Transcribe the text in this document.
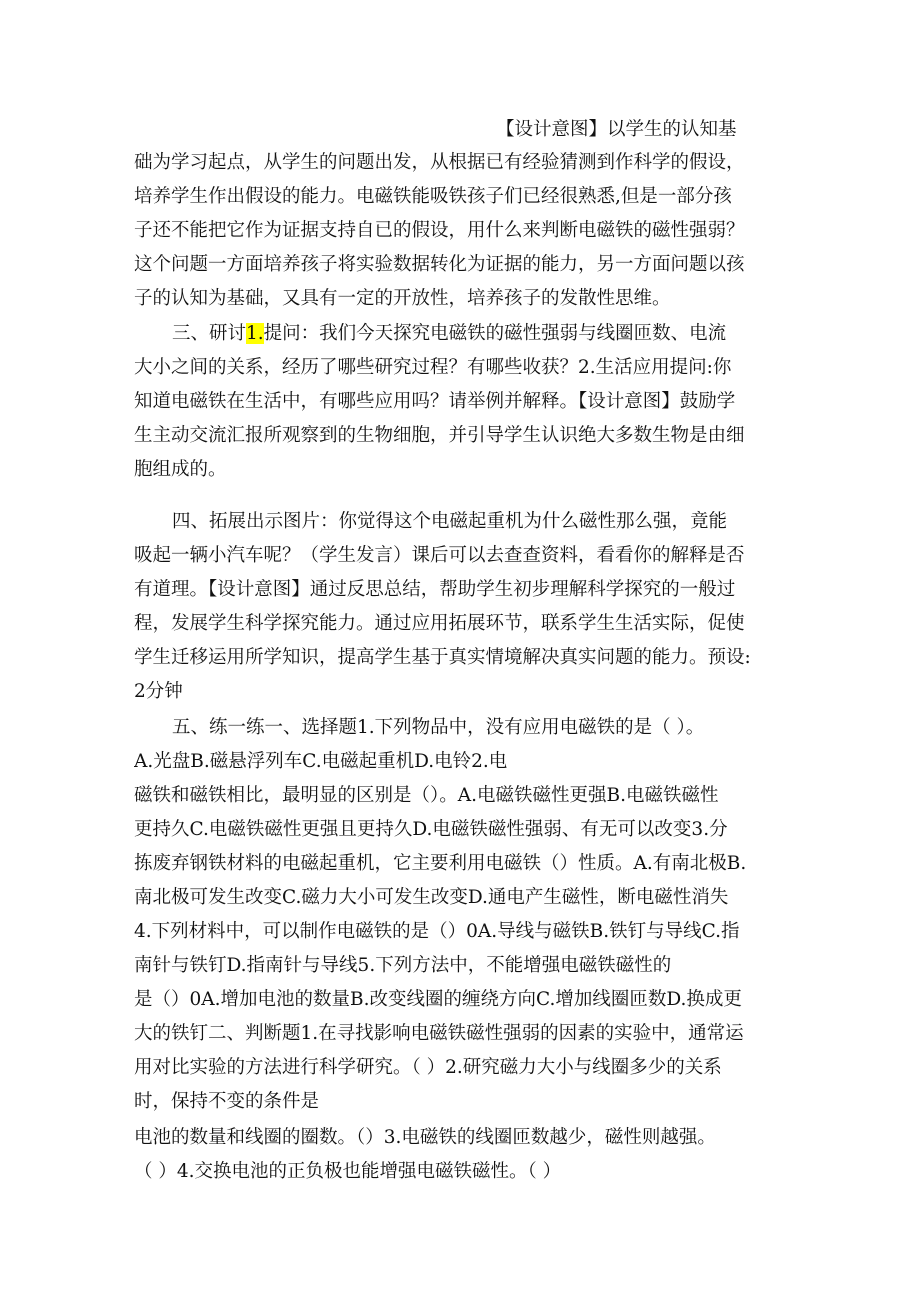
【设计意图】以学生的认知基
础为学习起点，从学生的问题出发，从根据已有经验猜测到作科学的假设，
培养学生作出假设的能力。电磁铁能吸铁孩子们已经很熟悉,但是一部分孩
子还不能把它作为证据支持自已的假设，用什么来判断电磁铁的磁性强弱？
这个问题一方面培养孩子将实验数据转化为证据的能力，另一方面问题以孩
子的认知为基础，又具有一定的开放性，培养孩子的发散性思维。
三、研讨1.提问：我们今天探究电磁铁的磁性强弱与线圈匝数、电流
大小之间的关系，经历了哪些研究过程？有哪些收获？2.生活应用提问:你
知道电磁铁在生活中，有哪些应用吗？请举例并解释。【设计意图】鼓励学
生主动交流汇报所观察到的生物细胞，并引导学生认识绝大多数生物是由细
胞组成的。
四、拓展出示图片：你觉得这个电磁起重机为什么磁性那么强，竟能
吸起一辆小汽车呢？（学生发言）课后可以去查查资料，看看你的解释是否
有道理。【设计意图】通过反思总结，帮助学生初步理解科学探究的一般过
程，发展学生科学探究能力。通过应用拓展环节，联系学生生活实际，促使
学生迁移运用所学知识，提高学生基于真实情境解决真实问题的能力。预设:
2分钟
五、练一练一、选择题1.下列物品中，没有应用电磁铁的是（ ）。
A.光盘B.磁悬浮列车C.电磁起重机D.电铃2.电
磁铁和磁铁相比，最明显的区别是（）。A.电磁铁磁性更强B.电磁铁磁性
更持久C.电磁铁磁性更强且更持久D.电磁铁磁性强弱、有无可以改变3.分
拣废弃钢铁材料的电磁起重机，它主要利用电磁铁（）性质。A.有南北极B.
南北极可发生改变C.磁力大小可发生改变D.通电产生磁性，断电磁性消失
4.下列材料中，可以制作电磁铁的是（）0A.导线与磁铁B.铁钉与导线C.指
南针与铁钉D.指南针与导线5.下列方法中，不能增强电磁铁磁性的
是（）0A.增加电池的数量B.改变线圈的缠绕方向C.增加线圈匝数D.换成更
大的铁钉二、判断题1.在寻找影响电磁铁磁性强弱的因素的实验中，通常运
用对比实验的方法进行科学研究。（ ）2.研究磁力大小与线圈多少的关系
时，保持不变的条件是
电池的数量和线圈的圈数。（）3.电磁铁的线圈匝数越少，磁性则越强。
（ ）4.交换电池的正负极也能增强电磁铁磁性。（ ）
